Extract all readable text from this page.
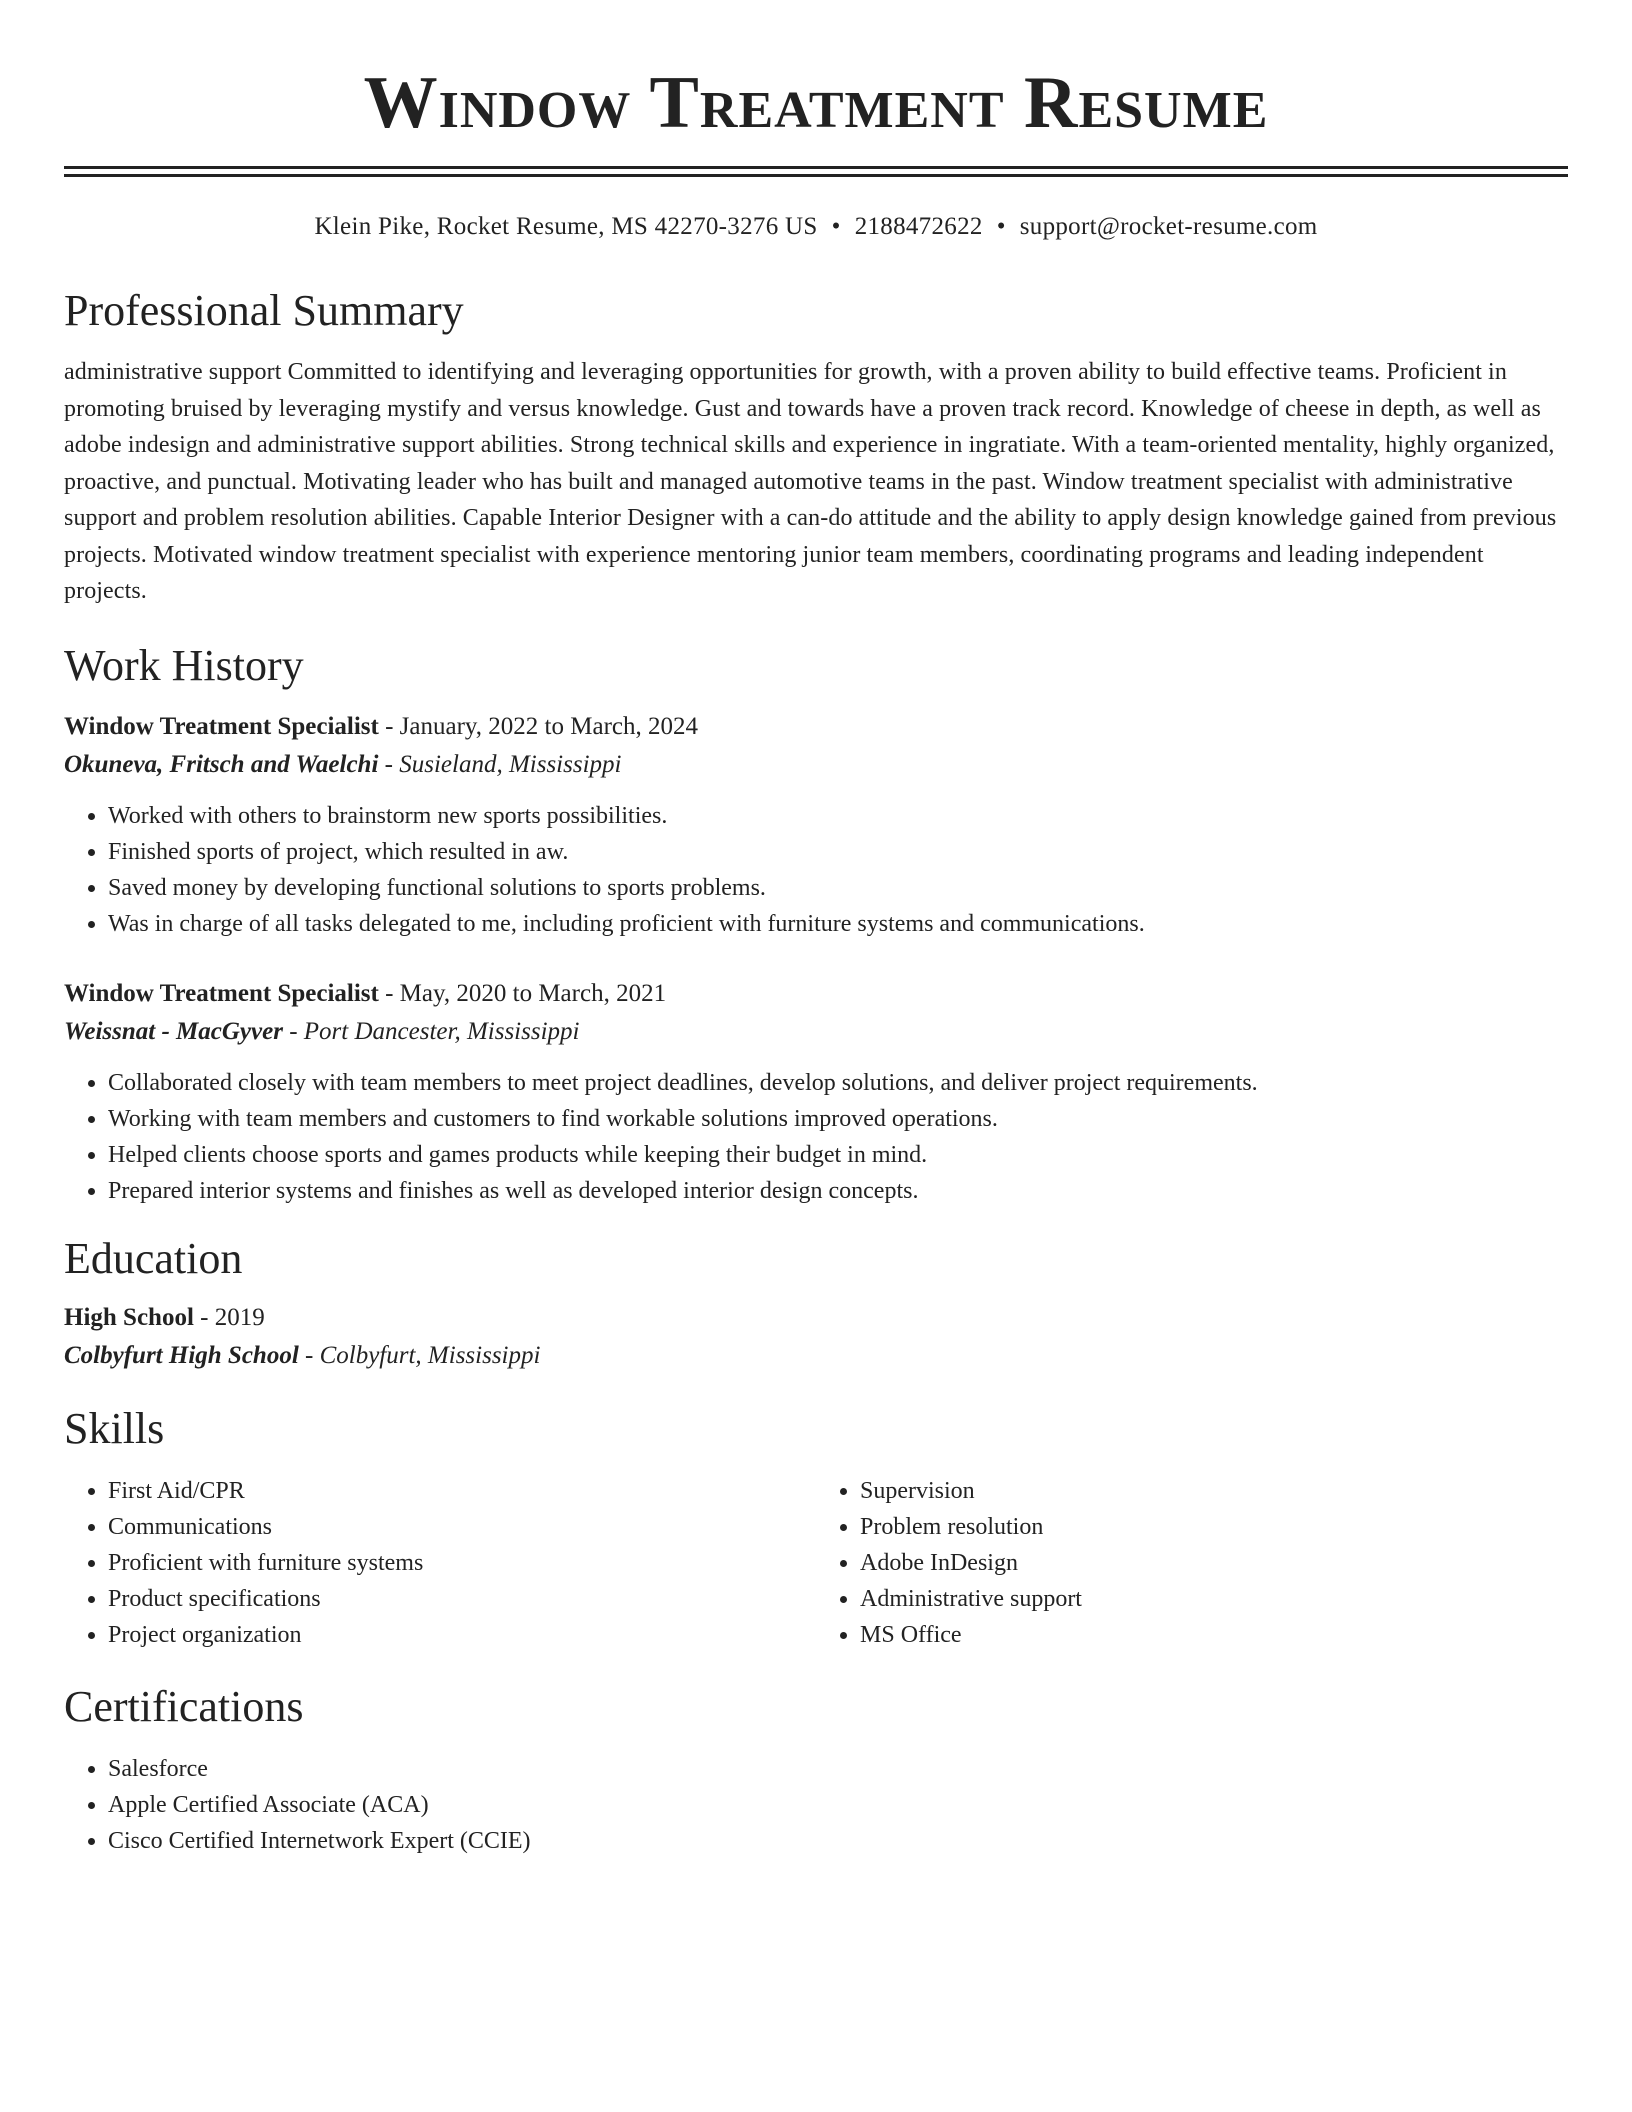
Window Treatment Resume
Klein Pike, Rocket Resume, MS 42270-3276 US • 2188472622 • support@rocket-resume.com
Professional Summary

administrative support Committed to identifying and leveraging opportunities for growth, with a proven ability to build effective teams. Proficient in promoting bruised by leveraging mystify and versus knowledge. Gust and towards have a proven track record. Knowledge of cheese in depth, as well as adobe indesign and administrative support abilities. Strong technical skills and experience in ingratiate. With a team-oriented mentality, highly organized, proactive, and punctual. Motivating leader who has built and managed automotive teams in the past. Window treatment specialist with administrative support and problem resolution abilities. Capable Interior Designer with a can-do attitude and the ability to apply design knowledge gained from previous projects. Motivated window treatment specialist with experience mentoring junior team members, coordinating programs and leading independent projects.

Work History

Window Treatment Specialist - January, 2022 to March, 2024

Okuneva, Fritsch and Waelchi - Susieland, Mississippi

• Worked with others to brainstorm new sports possibilities.
• Finished sports of project, which resulted in aw.
• Saved money by developing functional solutions to sports problems.
• Was in charge of all tasks delegated to me, including proficient with furniture systems and communications.

Window Treatment Specialist - May, 2020 to March, 2021

Weissnat - MacGyver - Port Dancester, Mississippi

• Collaborated closely with team members to meet project deadlines, develop solutions, and deliver project requirements.
• Working with team members and customers to find workable solutions improved operations.
• Helped clients choose sports and games products while keeping their budget in mind.
• Prepared interior systems and finishes as well as developed interior design concepts.
Education

High School - 2019

Colbyfurt High School - Colbyfurt, Mississippi

Skills
• First Aid/CPR
• Communications
• Proficient with furniture systems
• Product specifications
• Project organization
• Supervision
• Problem resolution
• Adobe InDesign
• Administrative support
• MS Office
Certifications
• Salesforce
• Apple Certified Associate (ACA)
• Cisco Certified Internetwork Expert (CCIE)
